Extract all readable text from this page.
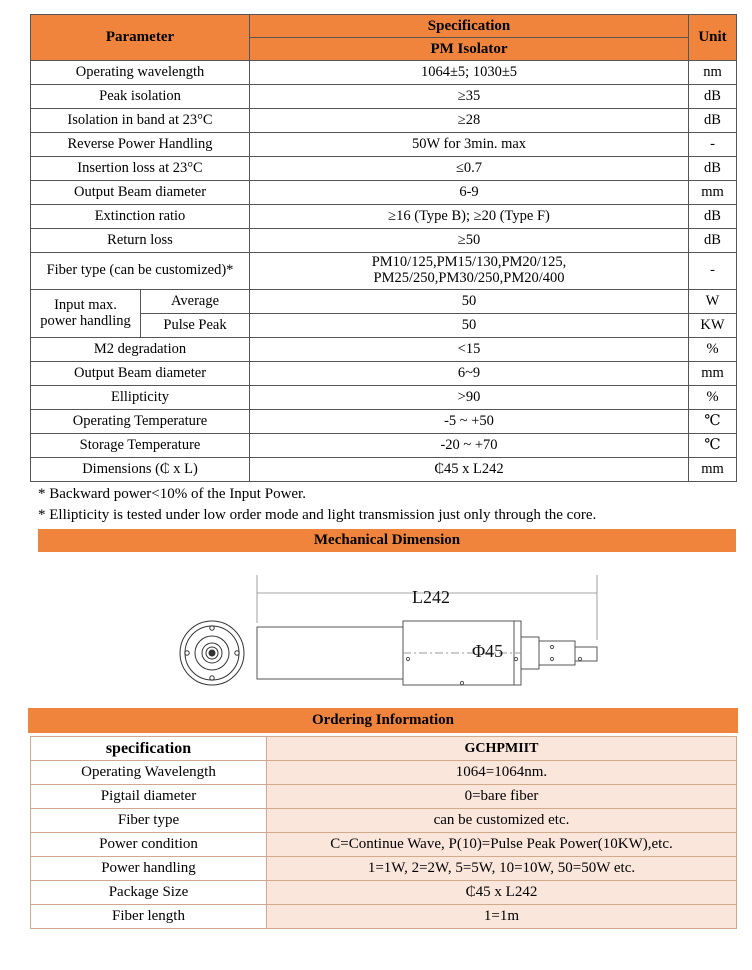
Parameter		Specification	Unit
		PM Isolator	
Operating wavelength		1064±5; 1030±5	nm
Peak isolation		≥35	dB
Isolation in band at 23°C		≥28	dB
Reverse Power Handling		50W for 3min. max	-
Insertion loss at 23°C		≤0.7	dB
Output Beam diameter		6-9	mm
Extinction ratio		≥16 (Type B); ≥20 (Type F)	dB
Return loss		≥50	dB
Fiber type (can be customized)*		PM10/125,PM15/130,PM20/125,
PM25/250,PM30/250,PM20/400	-

Input max.
power handling	Average	50	W
	Pulse Peak	50	KW
M2 degradation		<15	%
Output Beam diameter		6~9	mm
Ellipticity		>90	%
Operating Temperature		-5 ~ +50	℃
Storage Temperature		-20 ~ +70	℃
Dimensions (₵ x L)		₵45 x L242	mm
* Backward power<10% of the Input Power.
* Ellipticity is tested under low order mode and light transmission just only through the core.
Mechanical Dimension
L242
Φ45
Ordering Information
specification	GCHPMIIT
Operating Wavelength	1064=1064nm.
Pigtail diameter	0=bare fiber
Fiber type	can be customized etc.
Power condition	C=Continue Wave, P(10)=Pulse Peak Power(10KW),etc.
Power handling	1=1W, 2=2W, 5=5W, 10=10W, 50=50W etc.
Package Size	₵45 x L242
Fiber length	1=1m
